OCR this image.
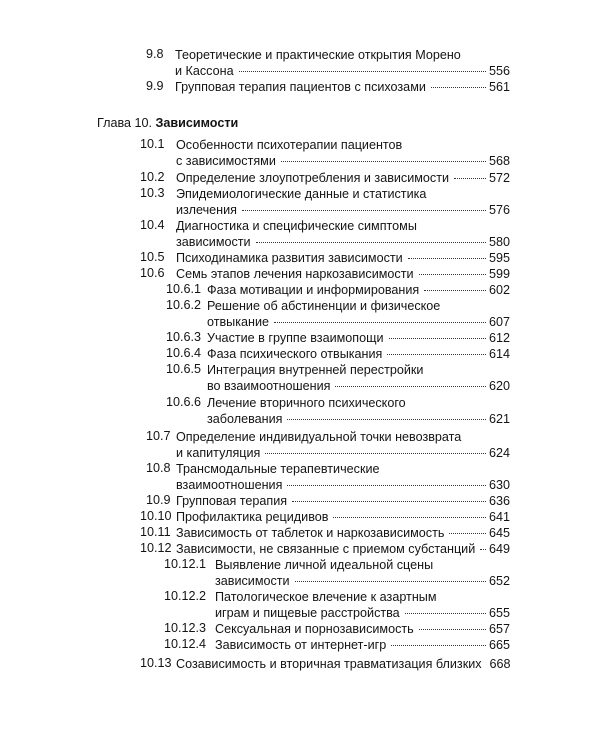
Глава 10. Зависимости
9.8 Теоретические и практические открытия Морено
и Кассона	556
9.9 Групповая терапия пациентов с психозами	561
10.1 Особенности психотерапии пациентов
с зависимостями	568
10.2 Определение злоупотребления и зависимости	572
10.3 Эпидемиологические данные и статистика
излечения	576
10.4 Диагностика и специфические симптомы
зависимости	580
10.5 Психодинамика развития зависимости	595
10.6 Семь этапов лечения наркозависимости	599
10.6.1 Фаза мотивации и информирования	602
10.6.2 Решение об абстиненции и физическое
отвыкание	607
10.6.3 Участие в группе взаимопощи	612
10.6.4 Фаза психического отвыкания	614
10.6.5 Интеграция внутренней перестройки
во взаимоотношения	620
10.6.6 Лечение вторичного психического
заболевания	621
10.7 Определение индивидуальной точки невозврата
и капитуляция	624
10.8 Трансмодальные терапевтические
взаимоотношения	630
10.9 Групповая терапия	636
10.10 Профилактика рецидивов	641
10.11 Зависимость от таблеток и наркозависимость	645
10.12 Зависимости, не связанные с приемом субстанций 649
10.12.1 Выявление личной идеальной сцены
зависимости	652
10.12.2 Патологическое влечение к азартным
играм и пищевые расстройства	655
10.12.3 Сексуальная и порнозависимость	657
10.12.4 Зависимость от интернет-игр	665
10.13 Созависимость и вторичная травматизация близких 668
